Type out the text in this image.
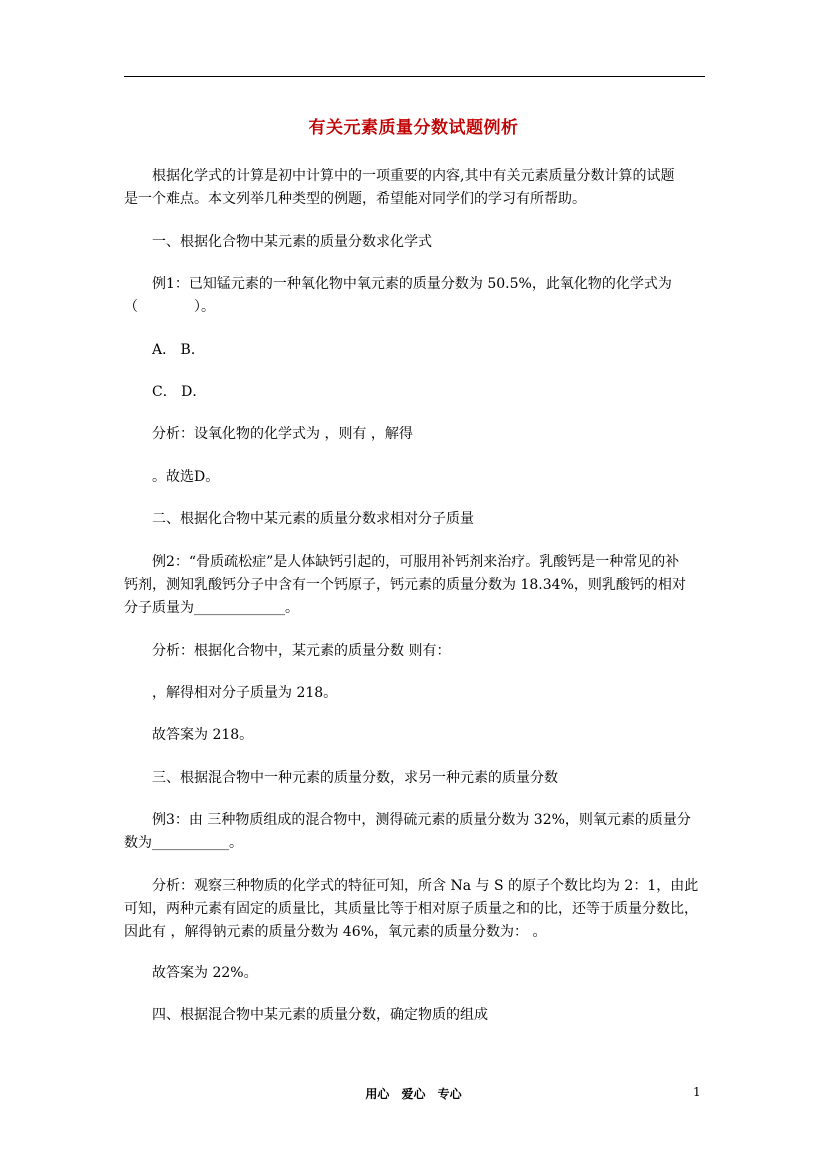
有关元素质量分数试题例析
根据化学式的计算是初中计算中的一项重要的内容,其中有关元素质量分数计算的试题
是一个难点。本文列举几种类型的例题，希望能对同学们的学习有所帮助。
一、根据化合物中某元素的质量分数求化学式
例1：已知锰元素的一种氧化物中氧元素的质量分数为 50.5%，此氧化物的化学式为
（　　　　）。
A． B．
C． D．
分析：设氧化物的化学式为 ，则有 ，解得
。故选D。
二、根据化合物中某元素的质量分数求相对分子质量
例2：“骨质疏松症”是人体缺钙引起的，可服用补钙剂来治疗。乳酸钙是一种常见的补
钙剂，测知乳酸钙分子中含有一个钙原子，钙元素的质量分数为 18.34%，则乳酸钙的相对
分子质量为_____________。
分析：根据化合物中，某元素的质量分数 则有：
，解得相对分子质量为 218。
故答案为 218。
三、根据混合物中一种元素的质量分数，求另一种元素的质量分数
例3：由 三种物质组成的混合物中，测得硫元素的质量分数为 32%，则氧元素的质量分
数为___________。
分析：观察三种物质的化学式的特征可知，所含 Na 与 S 的原子个数比均为 2：1，由此
可知，两种元素有固定的质量比，其质量比等于相对原子质量之和的比，还等于质量分数比，
因此有 ，解得钠元素的质量分数为 46%，氧元素的质量分数为： 。
故答案为 22%。
四、根据混合物中某元素的质量分数，确定物质的组成
用心 爱心 专心	1
